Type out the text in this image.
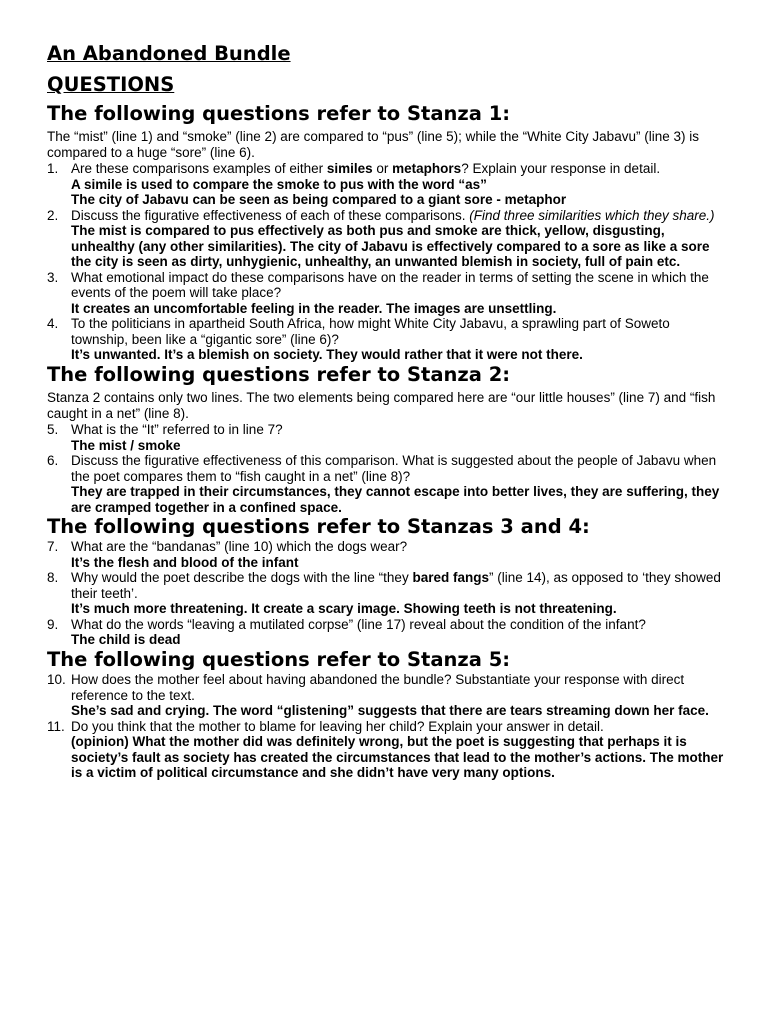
An Abandoned Bundle
QUESTIONS
The following questions refer to Stanza 1:

The “mist” (line 1) and “smoke” (line 2) are compared to “pus” (line 5); while the “White City Jabavu” (line 3) is compared to a huge “sore” (line 6).

1. Are these comparisons examples of either similes or metaphors? Explain your response in detail.
A simile is used to compare the smoke to pus with the word “as”
The city of Jabavu can be seen as being compared to a giant sore - metaphor
2. Discuss the figurative effectiveness of each of these comparisons. (Find three similarities which they share.)
The mist is compared to pus effectively as both pus and smoke are thick, yellow, disgusting, unhealthy (any other similarities). The city of Jabavu is effectively compared to a sore as like a sore the city is seen as dirty, unhygienic, unhealthy, an unwanted blemish in society, full of pain etc.
3. What emotional impact do these comparisons have on the reader in terms of setting the scene in which the events of the poem will take place?
It creates an uncomfortable feeling in the reader. The images are unsettling.
4. To the politicians in apartheid South Africa, how might White City Jabavu, a sprawling part of Soweto township, been like a “gigantic sore” (line 6)?
It’s unwanted. It’s a blemish on society. They would rather that it were not there.
The following questions refer to Stanza 2:

Stanza 2 contains only two lines. The two elements being compared here are “our little houses” (line 7) and “fish caught in a net” (line 8).

5. What is the “It” referred to in line 7?
The mist / smoke
6. Discuss the figurative effectiveness of this comparison. What is suggested about the people of Jabavu when the poet compares them to “fish caught in a net” (line 8)?
They are trapped in their circumstances, they cannot escape into better lives, they are suffering, they are cramped together in a confined space.
The following questions refer to Stanzas 3 and 4:
7. What are the “bandanas” (line 10) which the dogs wear?
It’s the flesh and blood of the infant
8. Why would the poet describe the dogs with the line “they bared fangs” (line 14), as opposed to ‘they showed their teeth’.
It’s much more threatening. It create a scary image. Showing teeth is not threatening.
9. What do the words “leaving a mutilated corpse” (line 17) reveal about the condition of the infant?
The child is dead
The following questions refer to Stanza 5:
10. How does the mother feel about having abandoned the bundle? Substantiate your response with direct reference to the text.
She’s sad and crying. The word “glistening” suggests that there are tears streaming down her face.
11. Do you think that the mother to blame for leaving her child? Explain your answer in detail.
(opinion) What the mother did was definitely wrong, but the poet is suggesting that perhaps it is society’s fault as society has created the circumstances that lead to the mother’s actions. The mother is a victim of political circumstance and she didn’t have very many options.
